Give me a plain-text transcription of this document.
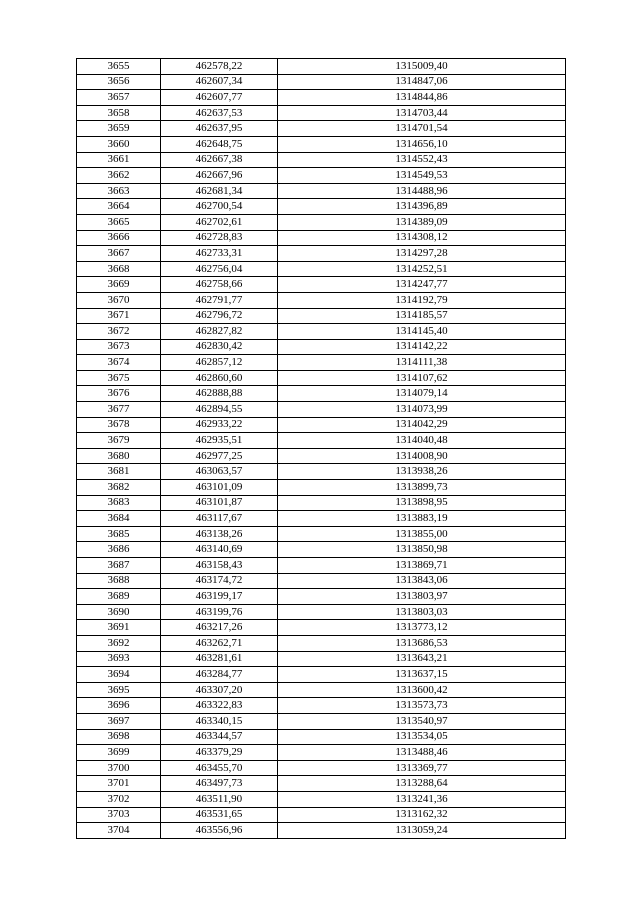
3655	462578,22	1315009,40
3656	462607,34	1314847,06
3657	462607,77	1314844,86
3658	462637,53	1314703,44
3659	462637,95	1314701,54
3660	462648,75	1314656,10
3661	462667,38	1314552,43
3662	462667,96	1314549,53
3663	462681,34	1314488,96
3664	462700,54	1314396,89
3665	462702,61	1314389,09
3666	462728,83	1314308,12
3667	462733,31	1314297,28
3668	462756,04	1314252,51
3669	462758,66	1314247,77
3670	462791,77	1314192,79
3671	462796,72	1314185,57
3672	462827,82	1314145,40
3673	462830,42	1314142,22
3674	462857,12	1314111,38
3675	462860,60	1314107,62
3676	462888,88	1314079,14
3677	462894,55	1314073,99
3678	462933,22	1314042,29
3679	462935,51	1314040,48
3680	462977,25	1314008,90
3681	463063,57	1313938,26
3682	463101,09	1313899,73
3683	463101,87	1313898,95
3684	463117,67	1313883,19
3685	463138,26	1313855,00
3686	463140,69	1313850,98
3687	463158,43	1313869,71
3688	463174,72	1313843,06
3689	463199,17	1313803,97
3690	463199,76	1313803,03
3691	463217,26	1313773,12
3692	463262,71	1313686,53
3693	463281,61	1313643,21
3694	463284,77	1313637,15
3695	463307,20	1313600,42
3696	463322,83	1313573,73
3697	463340,15	1313540,97
3698	463344,57	1313534,05
3699	463379,29	1313488,46
3700	463455,70	1313369,77
3701	463497,73	1313288,64
3702	463511,90	1313241,36
3703	463531,65	1313162,32
3704	463556,96	1313059,24
